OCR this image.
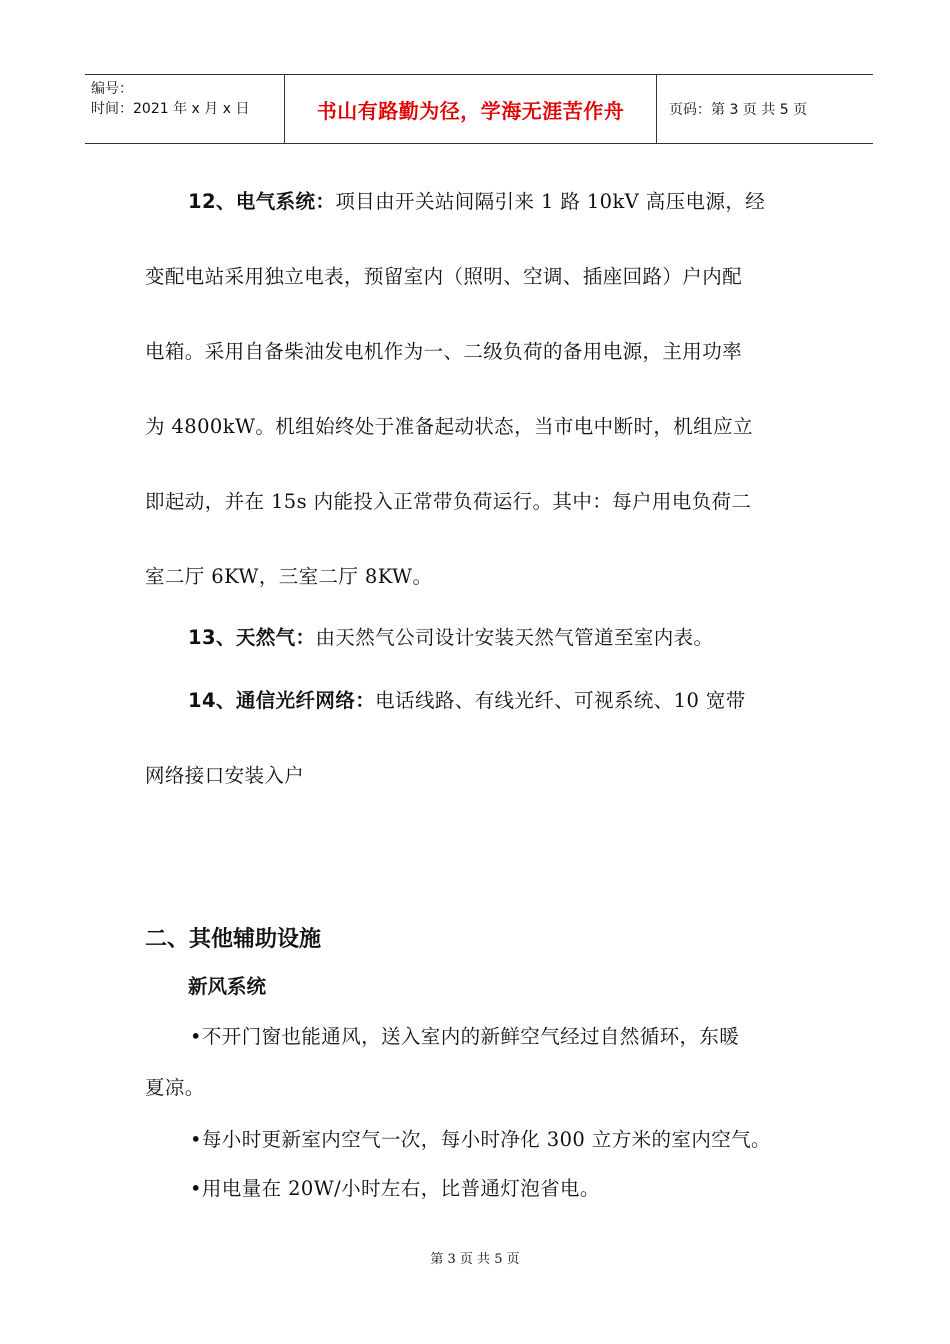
编号：
时间：2021 年 x 月 x 日	书山有路勤为径，学海无涯苦作舟	页码：第 3 页 共 5 页
12、电气系统：项目由开关站间隔引来 1 路 10kV 高压电源，经
变配电站采用独立电表，预留室内（照明、空调、插座回路）户内配
电箱。采用自备柴油发电机作为一、二级负荷的备用电源，主用功率
为 4800kW。机组始终处于准备起动状态，当市电中断时，机组应立
即起动，并在 15s 内能投入正常带负荷运行。其中：每户用电负荷二
室二厅 6KW，三室二厅 8KW。
13、天然气：由天然气公司设计安装天然气管道至室内表。
14、通信光纤网络：电话线路、有线光纤、可视系统、10 宽带
网络接口安装入户
二、其他辅助设施
新风系统
•不开门窗也能通风，送入室内的新鲜空气经过自然循环，东暖
夏凉。
•每小时更新室内空气一次，每小时净化 300 立方米的室内空气。
•用电量在 20W/小时左右，比普通灯泡省电。
第 3 页 共 5 页
